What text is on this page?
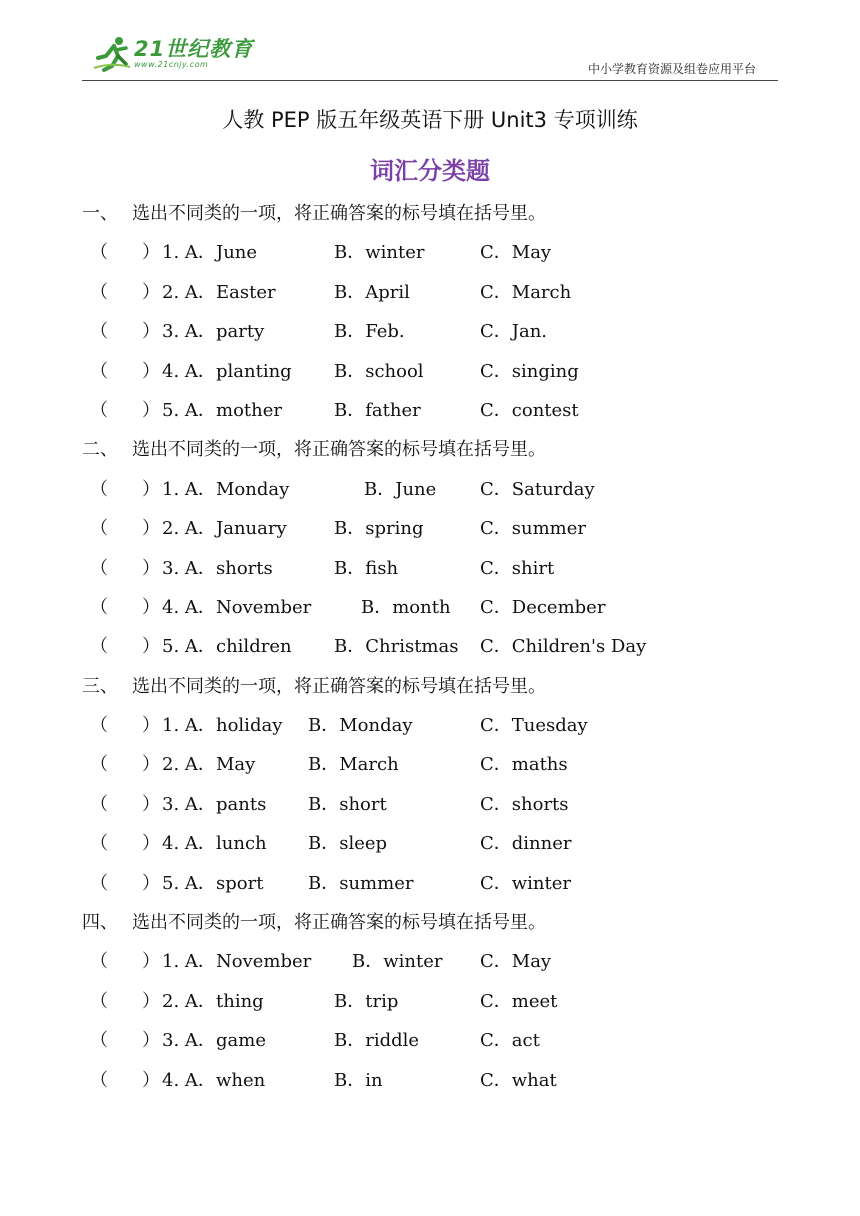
21世纪教育
www.21cnjy.com	中小学教育资源及组卷应用平台
人教 PEP 版五年级英语下册 Unit3 专项训练
词汇分类题
一、 选出不同类的一项，将正确答案的标号填在括号里。
（ ） 1. A． June	B．winter	C．May
（ ） 2. A． Easter	B．April	C．March
（ ） 3. A． party	B．Feb.	C．Jan.
（ ） 4. A． planting B．school	C．singing
（ ） 5. A． mother	B．father	C．contest
二、 选出不同类的一项，将正确答案的标号填在括号里。
（ ） 1. A． Monday	B．June C．Saturday
（ ） 2. A． January	B．spring	C．summer
（ ） 3. A． shorts	B．fish	C．shirt
（ ） 4. A． November	B．month C．December
（ ） 5. A． children B．Christmas C．Children's Day
三、 选出不同类的一项，将正确答案的标号填在括号里。
（ ） 1. A． holiday B．Monday	C．Tuesday
（ ） 2. A． May	B．March	C．maths
（ ） 3. A． pants B．short	C．shorts
（ ） 4. A． lunch B．sleep	C．dinner
（ ） 5. A． sport B．summer	C．winter
四、 选出不同类的一项，将正确答案的标号填在括号里。
（ ） 1. A． November B．winter C．May
（ ） 2. A． thing	B．trip	C．meet
（ ） 3. A． game	B．riddle	C．act
（ ） 4. A． when	B．in	C．what
